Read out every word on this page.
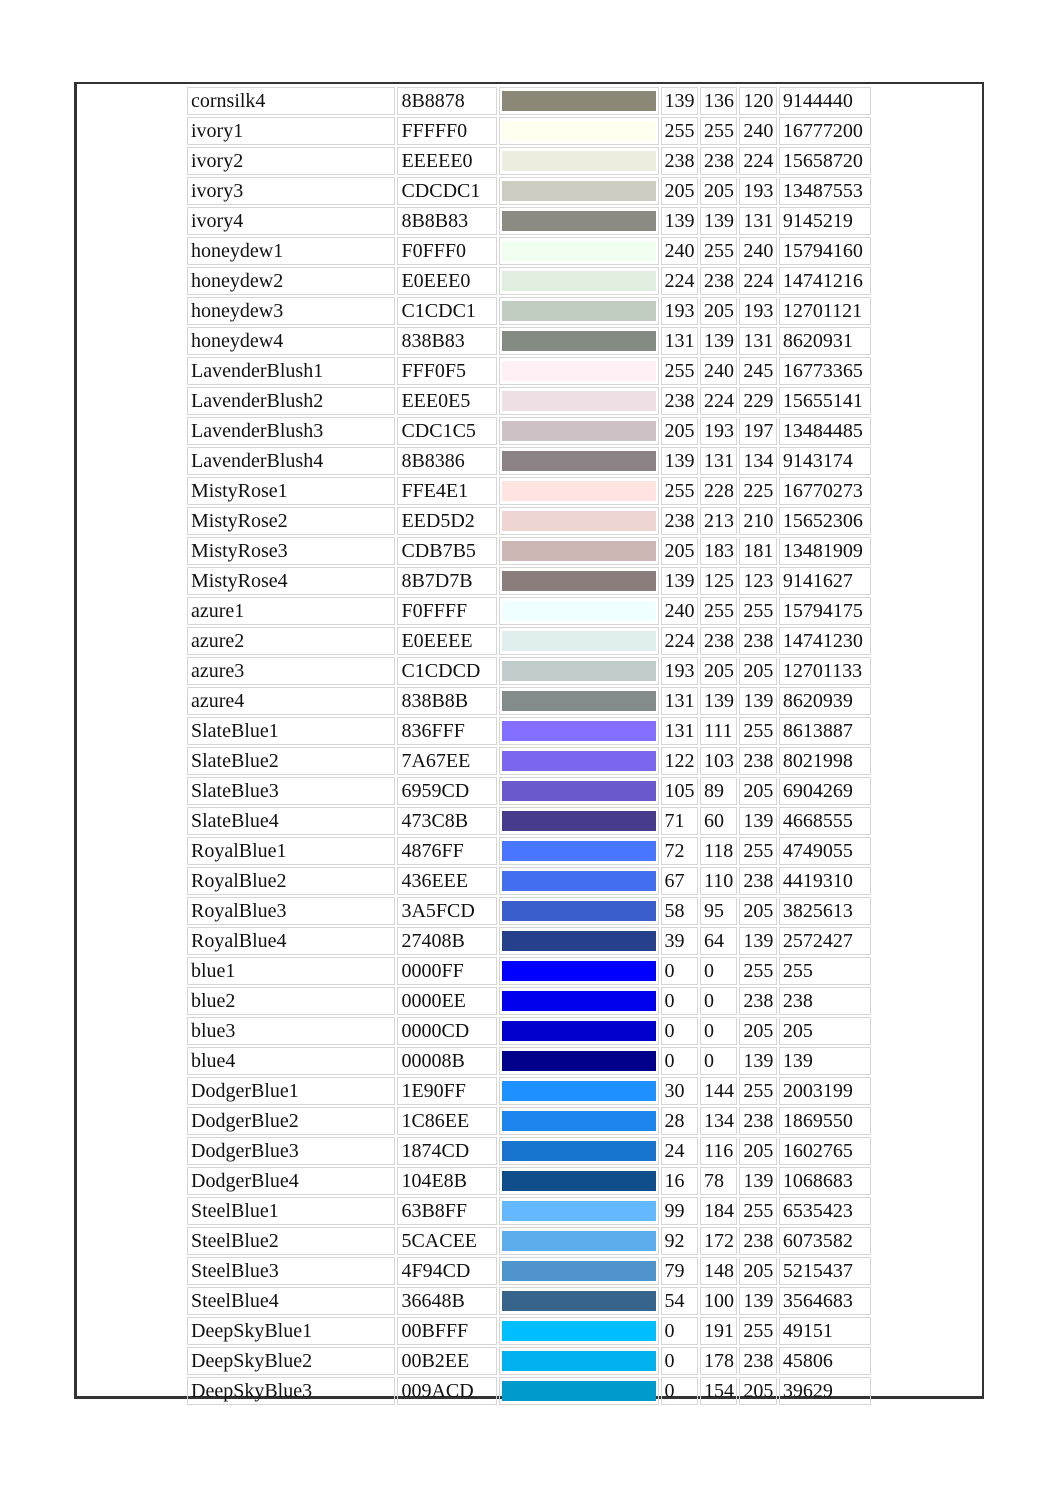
cornsilk4	8B8878		139	136	120	9144440
ivory1	FFFFF0		255	255	240	16777200
ivory2	EEEEE0		238	238	224	15658720
ivory3	CDCDC1		205	205	193	13487553
ivory4	8B8B83		139	139	131	9145219
honeydew1	F0FFF0		240	255	240	15794160
honeydew2	E0EEE0		224	238	224	14741216
honeydew3	C1CDC1		193	205	193	12701121
honeydew4	838B83		131	139	131	8620931
LavenderBlush1	FFF0F5		255	240	245	16773365
LavenderBlush2	EEE0E5		238	224	229	15655141
LavenderBlush3	CDC1C5		205	193	197	13484485
LavenderBlush4	8B8386		139	131	134	9143174
MistyRose1	FFE4E1		255	228	225	16770273
MistyRose2	EED5D2		238	213	210	15652306
MistyRose3	CDB7B5		205	183	181	13481909
MistyRose4	8B7D7B		139	125	123	9141627
azure1	F0FFFF		240	255	255	15794175
azure2	E0EEEE		224	238	238	14741230
azure3	C1CDCD		193	205	205	12701133
azure4	838B8B		131	139	139	8620939
SlateBlue1	836FFF		131	111	255	8613887
SlateBlue2	7A67EE		122	103	238	8021998
SlateBlue3	6959CD		105	89	205	6904269
SlateBlue4	473C8B		71	60	139	4668555
RoyalBlue1	4876FF		72	118	255	4749055
RoyalBlue2	436EEE		67	110	238	4419310
RoyalBlue3	3A5FCD		58	95	205	3825613
RoyalBlue4	27408B		39	64	139	2572427
blue1	0000FF		0	0	255	255
blue2	0000EE		0	0	238	238
blue3	0000CD		0	0	205	205
blue4	00008B		0	0	139	139
DodgerBlue1	1E90FF		30	144	255	2003199
DodgerBlue2	1C86EE		28	134	238	1869550
DodgerBlue3	1874CD		24	116	205	1602765
DodgerBlue4	104E8B		16	78	139	1068683
SteelBlue1	63B8FF		99	184	255	6535423
SteelBlue2	5CACEE		92	172	238	6073582
SteelBlue3	4F94CD		79	148	205	5215437
SteelBlue4	36648B		54	100	139	3564683
DeepSkyBlue1	00BFFF		0	191	255	49151
DeepSkyBlue2	00B2EE		0	178	238	45806
DeepSkyBlue3	009ACD		0	154	205	39629
